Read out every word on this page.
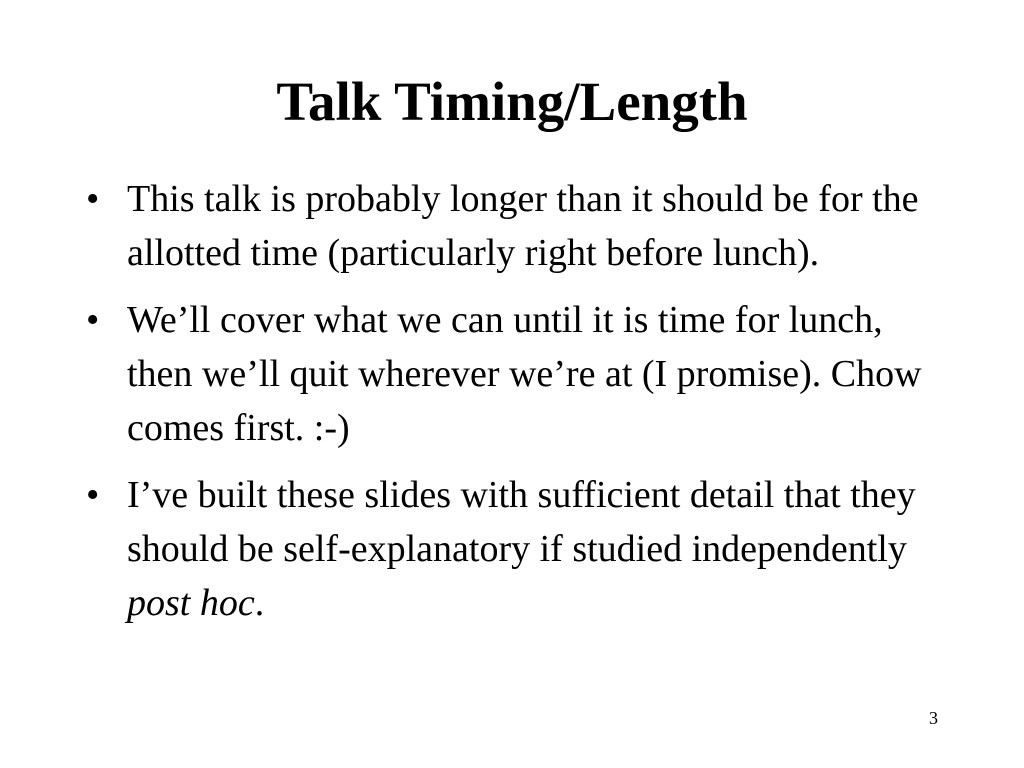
Talk Timing/Length
• This talk is probably longer than it should be for the allotted time (particularly right before lunch).
• We’ll cover what we can until it is time for lunch, then we’ll quit wherever we’re at (I promise). Chow comes first. :-)
• I’ve built these slides with sufficient detail that they should be self-explanatory if studied independently post hoc.
3
